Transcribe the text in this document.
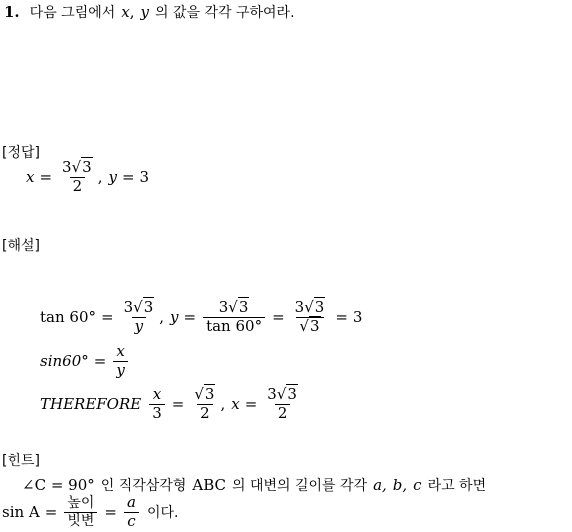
1. 다음 그림에서 x , y 의 값을 각각 구하여라.
[정답]
$x = \frac{3√3}{2}$ , y = 3
[해설]
$\tan 60^\circ = \frac{3√3}{y}$ , $y = \frac{3√3}{\tan 60^\circ} = \frac{3√3}{√3} = 3$
$\sin 60^\circ = \frac{x}{y}$
THEREFORE $\frac{x}{3} = \frac{√3}{2}$ , $x = \frac{3√3}{2}$
[힌트]
∠C = 90° 인 직각삼각형 ABC 의 대변의 길이를 각각 a, b, c 라고 하면
$\sin A = \frac{\text{높이}}{\text{빗변}} = \frac{a}{c}$ 이다.
